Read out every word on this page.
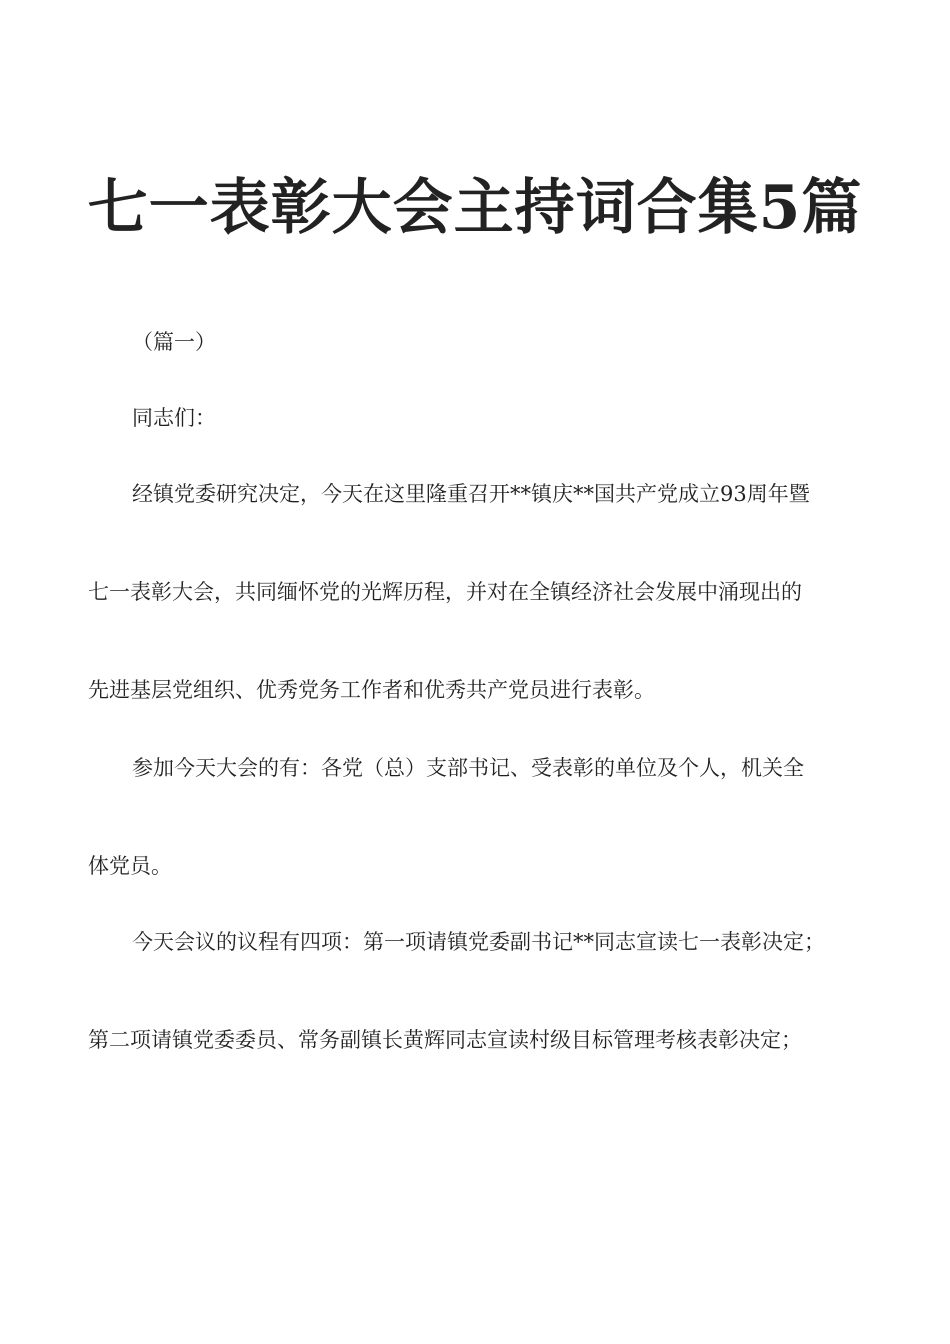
七一表彰大会主持词合集5篇
（篇一）
同志们：
经镇党委研究决定，今天在这里隆重召开**镇庆**国共产党成立93周年暨
七一表彰大会，共同缅怀党的光辉历程，并对在全镇经济社会发展中涌现出的
先进基层党组织、优秀党务工作者和优秀共产党员进行表彰。
参加今天大会的有：各党（总）支部书记、受表彰的单位及个人，机关全
体党员。
今天会议的议程有四项：第一项请镇党委副书记**同志宣读七一表彰决定；
第二项请镇党委委员、常务副镇长黄辉同志宣读村级目标管理考核表彰决定；
